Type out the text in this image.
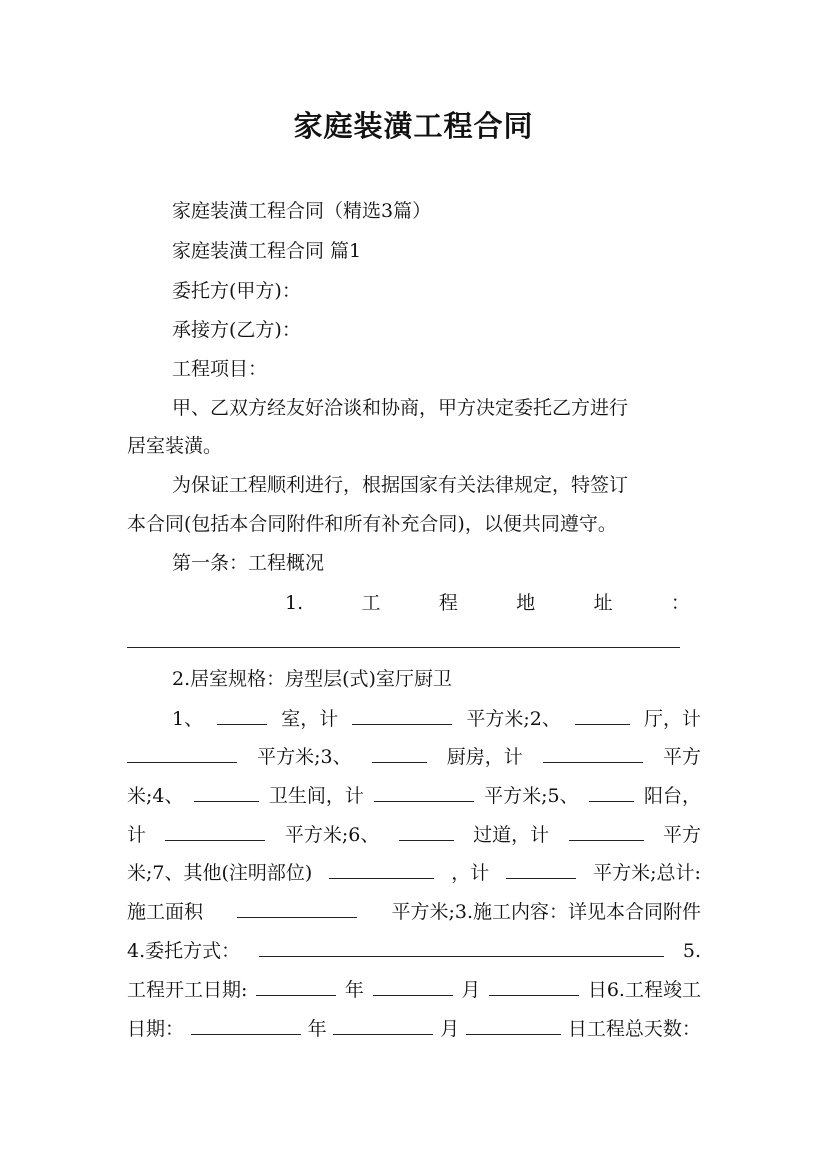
家庭装潢工程合同
家庭装潢工程合同（精选3篇）
家庭装潢工程合同 篇1
委托方(甲方)：
承接方(乙方)：
工程项目：
甲、乙双方经友好洽谈和协商，甲方决定委托乙方进行
居室装潢。
为保证工程顺利进行，根据国家有关法律规定，特签订
本合同(包括本合同附件和所有补充合同)，以便共同遵守。
第一条：工程概况
1.	工	程	地	址	：
2.居室规格：房型层(式)室厅厨卫
1、	室，计	平方米;2、	厅，计
平方米;3、	厨房，计	平方
米;4、	卫生间，计	平方米;5、	阳台，
计	平方米;6、	过道，计	平方
米;7、其他(注明部位)	，计	平方米;总计:
施工面积	平方米;3.施工内容：详见本合同附件
4.委托方式：	5.
工程开工日期:	年	月	日6.工程竣工
日期：	年	月	日工程总天数：
